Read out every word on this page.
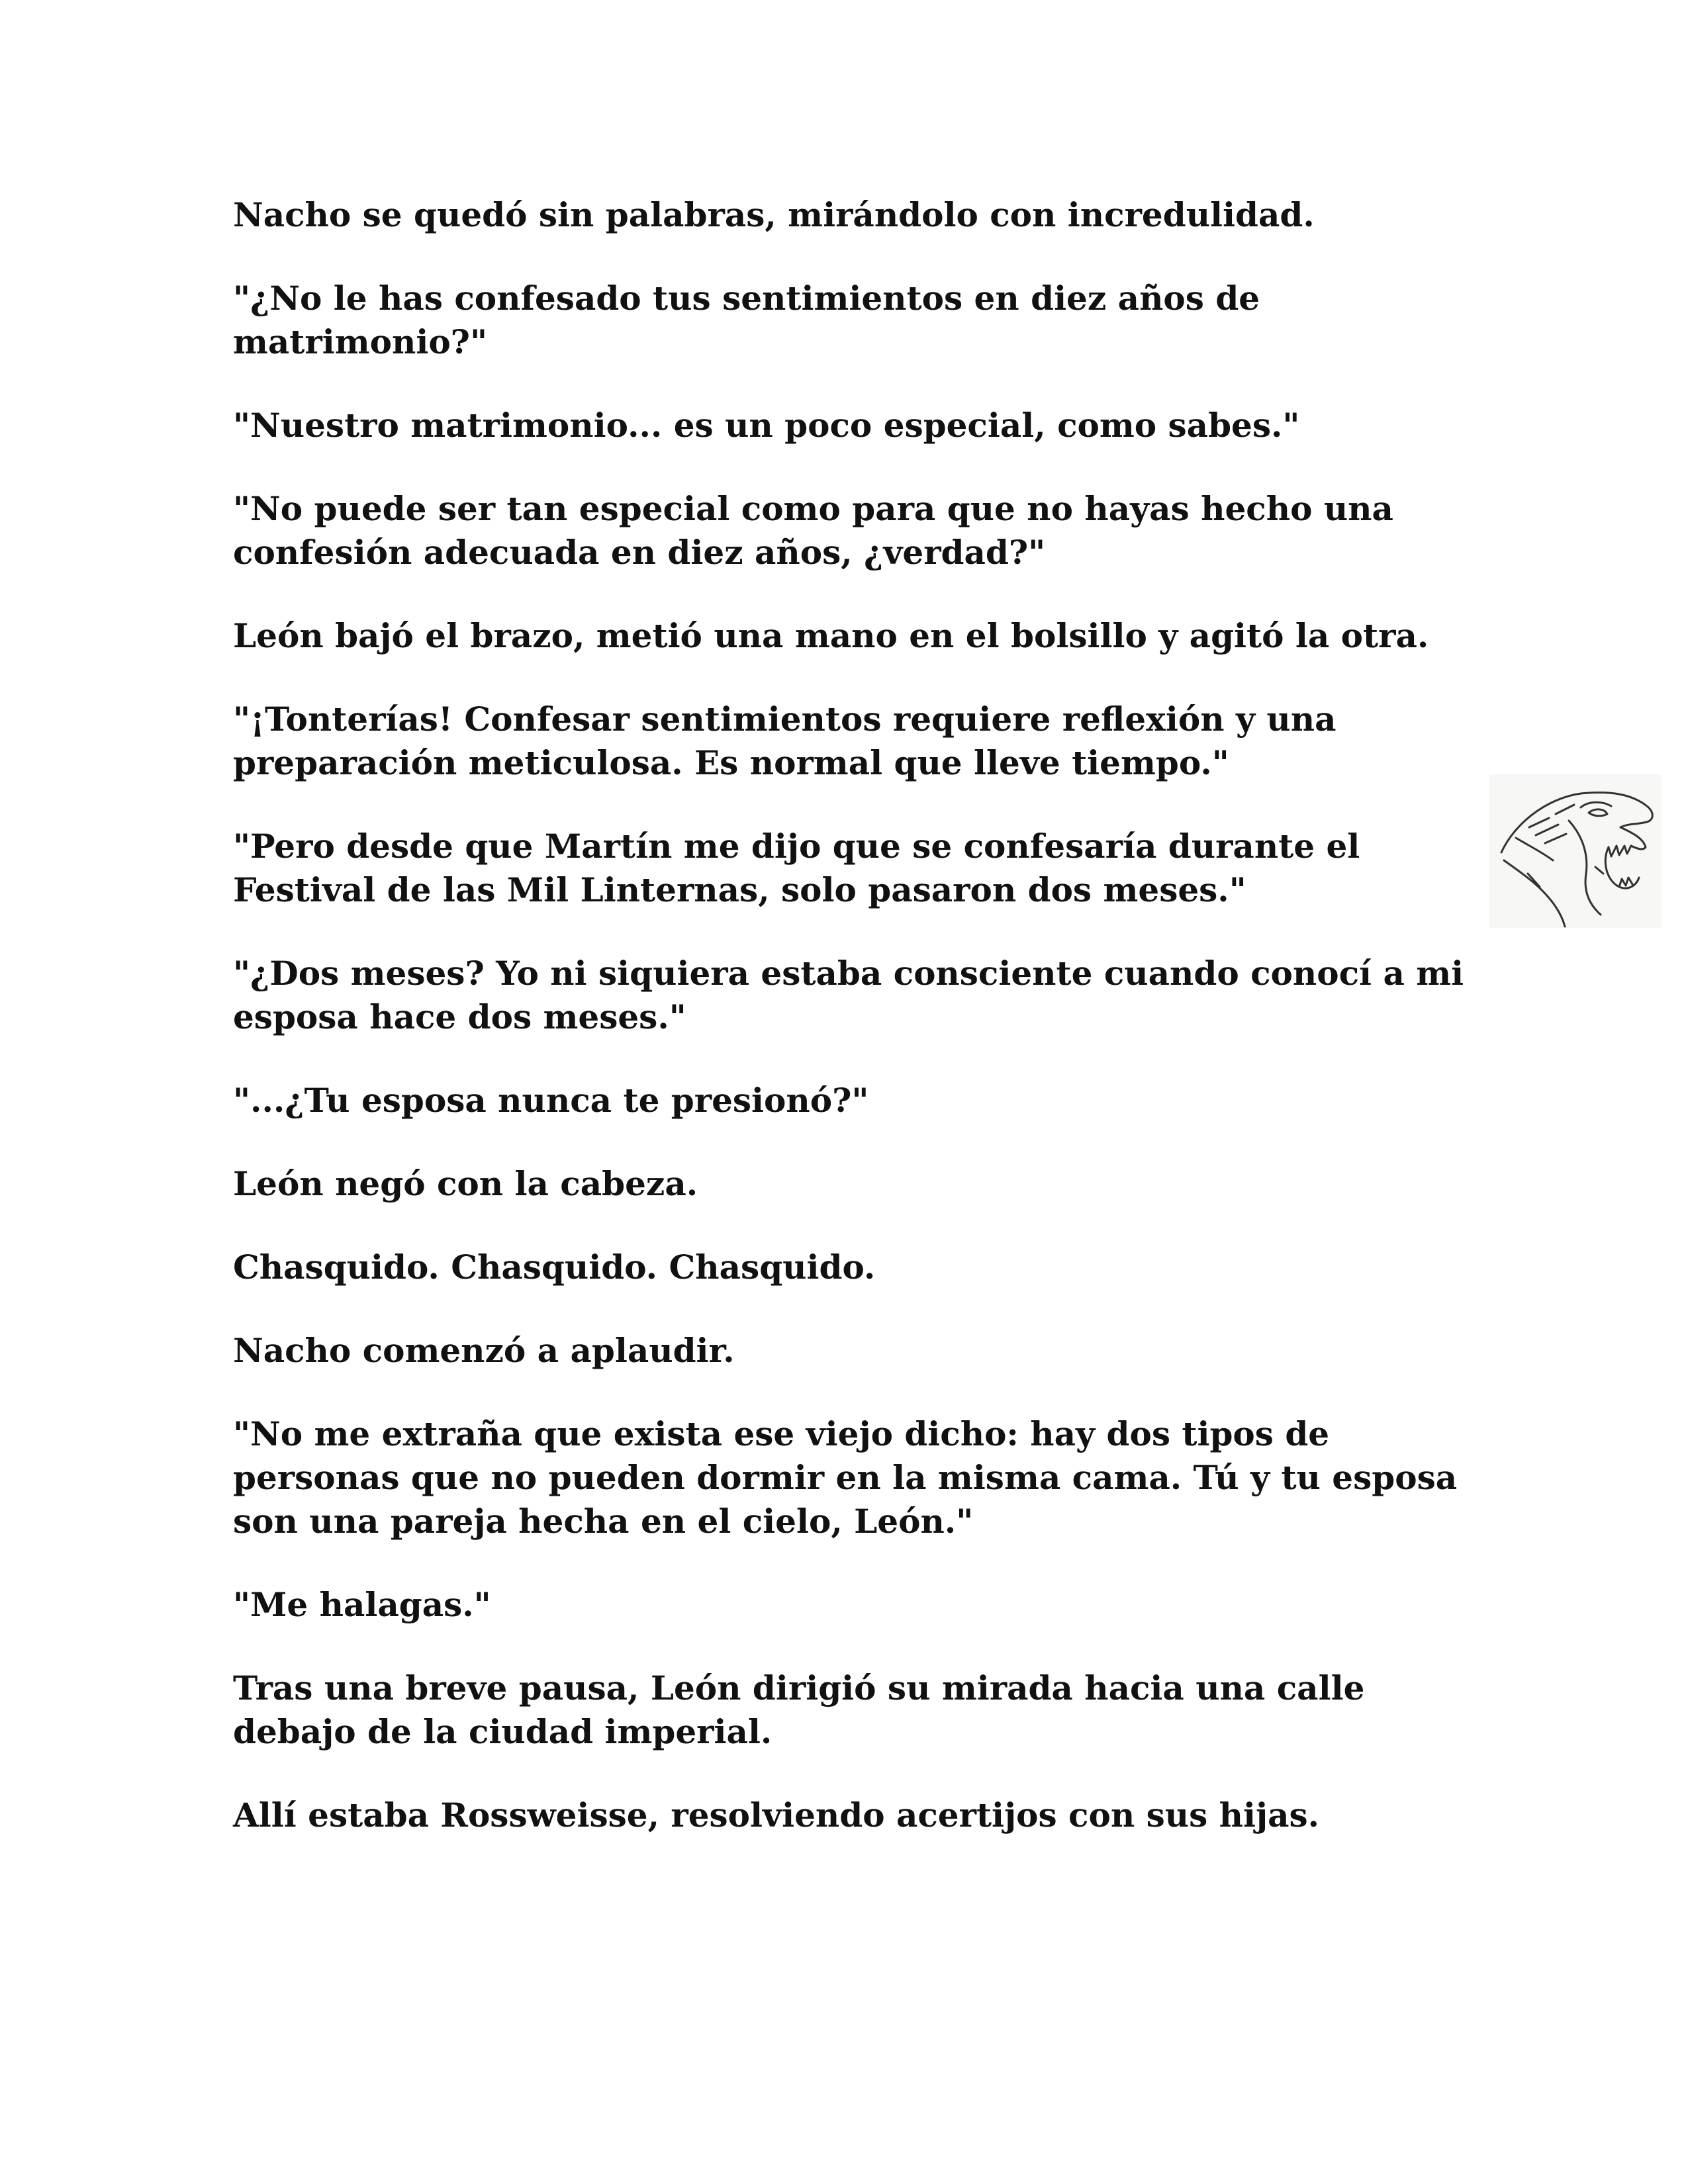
Nacho se quedó sin palabras, mirándolo con incredulidad.

"¿No le has confesado tus sentimientos en diez años de matrimonio?"

"Nuestro matrimonio... es un poco especial, como sabes."

"No puede ser tan especial como para que no hayas hecho una confesión adecuada en diez años, ¿verdad?"

León bajó el brazo, metió una mano en el bolsillo y agitó la otra.

"¡Tonterías! Confesar sentimientos requiere reflexión y una preparación meticulosa. Es normal que lleve tiempo."

"Pero desde que Martín me dijo que se confesaría durante el Festival de las Mil Linternas, solo pasaron dos meses."

"¿Dos meses? Yo ni siquiera estaba consciente cuando conocí a mi esposa hace dos meses."

"...¿Tu esposa nunca te presionó?"

León negó con la cabeza.

Chasquido. Chasquido. Chasquido.

Nacho comenzó a aplaudir.

"No me extraña que exista ese viejo dicho: hay dos tipos de personas que no pueden dormir en la misma cama. Tú y tu esposa son una pareja hecha en el cielo, León."

"Me halagas."

Tras una breve pausa, León dirigió su mirada hacia una calle debajo de la ciudad imperial.

Allí estaba Rossweisse, resolviendo acertijos con sus hijas.
